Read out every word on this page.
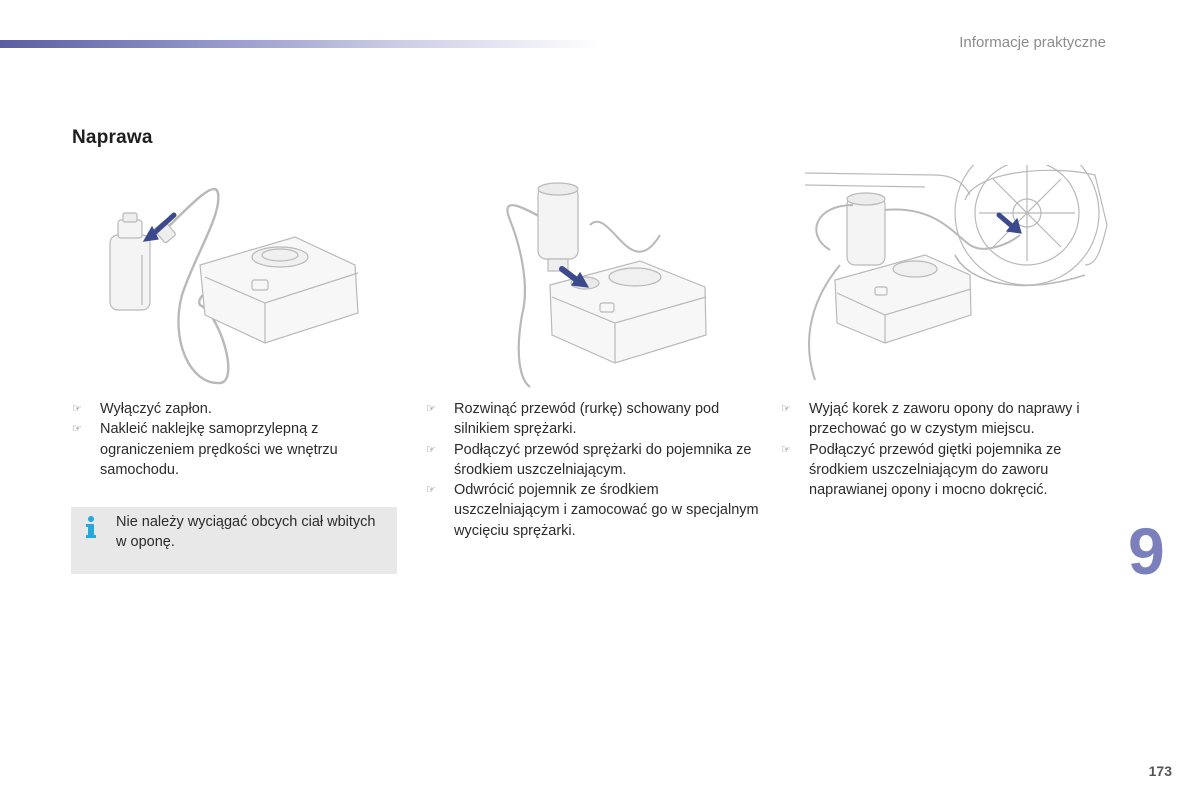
Informacje praktyczne
Naprawa
☞ Wyłączyć zapłon.
☞ Nakleić naklejkę samoprzylepną z ograniczeniem prędkości we wnętrzu samochodu.
Nie należy wyciągać obcych ciał wbitych w oponę.
☞ Rozwinąć przewód (rurkę) schowany pod silnikiem sprężarki.
☞ Podłączyć przewód sprężarki do pojemnika ze środkiem uszczelniającym.
☞ Odwrócić pojemnik ze środkiem uszczelniającym i zamocować go w specjalnym wycięciu sprężarki.
☞ Wyjąć korek z zaworu opony do naprawy i przechować go w czystym miejscu.
☞ Podłączyć przewód giętki pojemnika ze środkiem uszczelniającym do zaworu naprawianej opony i mocno dokręcić.
9
173
